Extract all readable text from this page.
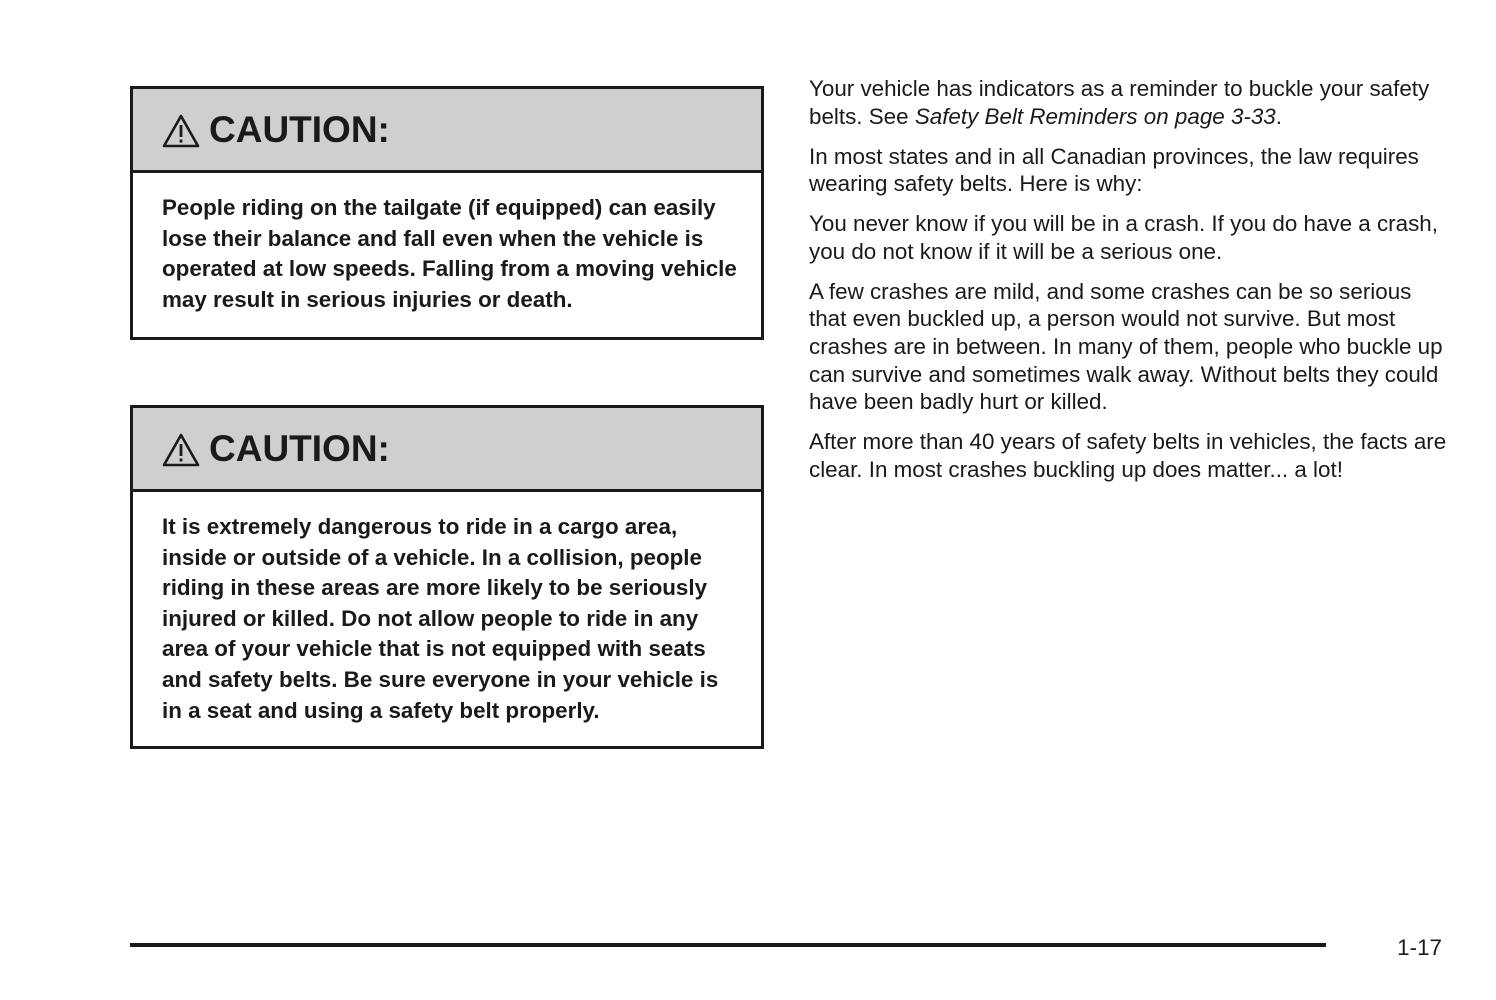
CAUTION:
People riding on the tailgate (if equipped) can easily lose their balance and fall even when the vehicle is operated at low speeds. Falling from a moving vehicle may result in serious injuries or death.
CAUTION:
It is extremely dangerous to ride in a cargo area, inside or outside of a vehicle. In a collision, people riding in these areas are more likely to be seriously injured or killed. Do not allow people to ride in any area of your vehicle that is not equipped with seats and safety belts. Be sure everyone in your vehicle is in a seat and using a safety belt properly.

Your vehicle has indicators as a reminder to buckle your safety belts. See Safety Belt Reminders on page 3-33.

In most states and in all Canadian provinces, the law requires wearing safety belts. Here is why:

You never know if you will be in a crash. If you do have a crash, you do not know if it will be a serious one.

A few crashes are mild, and some crashes can be so serious that even buckled up, a person would not survive. But most crashes are in between. In many of them, people who buckle up can survive and sometimes walk away. Without belts they could have been badly hurt or killed.

After more than 40 years of safety belts in vehicles, the facts are clear. In most crashes buckling up does matter... a lot!

1-17
